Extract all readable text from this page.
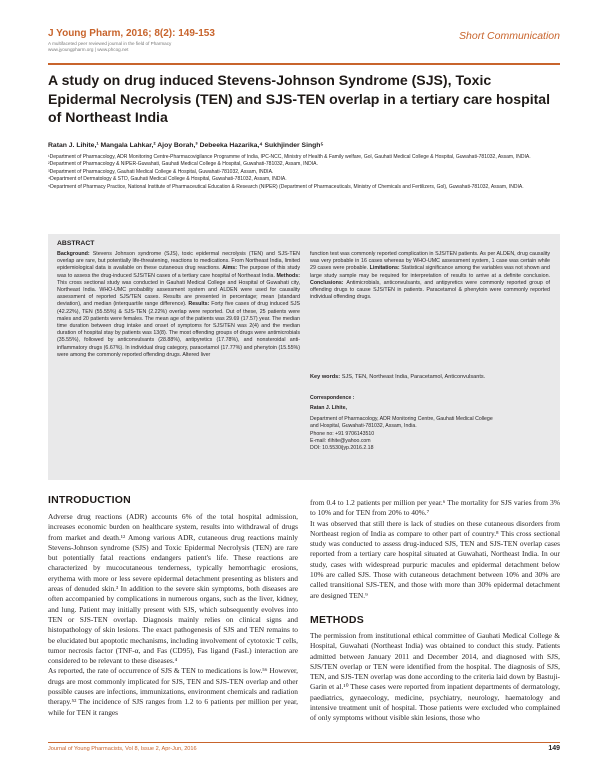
J Young Pharm, 2016; 8(2): 149-153
A multifaceted peer reviewed journal in the field of Pharmacy
www.jyoungpharm.org | www.phcog.net
Short Communication
A study on drug induced Stevens-Johnson Syndrome (SJS), Toxic Epidermal Necrolysis (TEN) and SJS-TEN overlap in a tertiary care hospital of Northeast India
Ratan J. Lihite,¹ Mangala Lahkar,² Ajoy Borah,³ Debeeka Hazarika,⁴ Sukhjinder Singh⁵
¹Department of Pharmacology, ADR Monitoring Centre-Pharmacovigilance Programme of India, IPC-NCC, Ministry of Health & Family welfare, Gol, Gauhati Medical College & Hospital, Guwahati-781032, Assam, INDIA.
²Department of Pharmacology & NIPER-Guwahati, Gauhati Medical College & Hospital, Guwahati-781032, Assam, INDIA.
³Department of Pharmacology, Gauhati Medical College & Hospital, Guwahati-781032, Assam, INDIA.
⁴Department of Dermatology & STD, Gauhati Medical College & Hospital, Guwahati-781032, Assam, INDIA.
⁵Department of Pharmacy Practice, National Institute of Pharmaceutical Education & Research (NIPER) (Department of Pharmaceuticals, Ministry of Chemicals and Fertilizers, Gol), Guwahati-781032, Assam, INDIA.
ABSTRACT
Background: Stevens Johnson syndrome (SJS), toxic epidermal necrolysis (TEN) and SJS-TEN overlap are rare, but potentially life-threatening, reactions to medications. From Northeast India, limited epidemiological data is available on these cutaneous drug reactions. Aims: The purpose of this study was to assess the drug-induced SJS/TEN cases of a tertiary care hospital of Northeast India. Methods: This cross sectional study was conducted in Gauhati Medical College and Hospital of Guwahati city, Northeast India. WHO-UMC probability assessment system and ALDEN were used for causality assessment of reported SJS/TEN cases. Results are presented in percentage; mean (standard deviation), and median (interquartile range difference). Results: Forty five cases of drug induced SJS (42.22%), TEN (55.55%) & SJS-TEN (2.22%) overlap were reported. Out of these, 25 patients were males and 20 patients were females. The mean age of the patients was 29.69 (17.57) year. The median time duration between drug intake and onset of symptoms for SJS/TEN was 2(4) and the median duration of hospital stay by patients was 13(8). The most offending groups of drugs were antimicrobials (35.55%), followed by anticonvulsants (28.88%), antipyretics (17.78%), and nonsteroidal anti-inflammatory drugs (6.67%). In individual drug category, paracetamol (17.77%) and phenytoin (15.55%) were among the commonly reported offending drugs. Altered liver
function test was commonly reported complication in SJS/TEN patients. As per ALDEN, drug causality was very probable in 16 cases whereas by WHO-UMC assessment system, 1 case was certain while 29 cases were probable. Limitations: Statistical significance among the variables was not shown and large study sample may be required for interpretation of results to arrive at a definite conclusion. Conclusions: Antimicrobials, anticonvulsants, and antipyretics were commonly reported group of offending drugs to cause SJS/TEN in patients. Paracetamol & phenytoin were commonly reported individual offending drugs.
Key words: SJS, TEN, Northeast India, Paracetamol, Anticonvulsants.
Correspondence :
Ratan J. Lihite,
Department of Pharmacology, ADR Monitoring Centre, Gauhati Medical College
and Hospital, Guwahati-781032, Assam, India.
Phone no: +91 9706143510
E-mail: rlihite@yahoo.com
DOI: 10.5530/jyp.2016.2.18
INTRODUCTION

Adverse drug reactions (ADR) accounts 6% of the total hospital admission, increases economic burden on healthcare system, results into withdrawal of drugs from market and death.¹² Among various ADR, cutaneous drug reactions mainly Stevens-Johnson syndrome (SJS) and Toxic Epidermal Necrolysis (TEN) are rare but potentially fatal reactions endangers patient's life. These reactions are characterized by mucocutaneous tenderness, typically hemorrhagic erosions, erythema with more or less severe epidermal detachment presenting as blisters and areas of denuded skin.³ In addition to the severe skin symptoms, both diseases are often accompanied by complications in numerous organs, such as the liver, kidney, and lung. Patient may initially present with SJS, which subsequently evolves into TEN or SJS-TEN overlap. Diagnosis mainly relies on clinical signs and histopathology of skin lesions. The exact pathogenesis of SJS and TEN remains to be elucidated but apoptotic mechanisms, including involvement of cytotoxic T cells, tumor necrosis factor (TNF-α, and Fas (CD95), Fas ligand (FasL) interaction are considered to be relevant to these diseases.⁴

As reported, the rate of occurrence of SJS & TEN to medications is low.⁵⁶ However, drugs are most commonly implicated for SJS, TEN and SJS-TEN overlap and other possible causes are infections, immunizations, environment chemicals and radiation therapy.⁵² The incidence of SJS ranges from 1.2 to 6 patients per million per year, while for TEN it ranges

from 0.4 to 1.2 patients per million per year.⁶ The mortality for SJS varies from 3% to 10% and for TEN from 20% to 40%.⁷

It was observed that still there is lack of studies on these cutaneous disorders from Northeast region of India as compare to other part of country.⁸ This cross sectional study was conducted to assess drug-induced SJS, TEN and SJS-TEN overlap cases reported from a tertiary care hospital situated at Guwahati, Northeast India. In our study, cases with widespread purpuric macules and epidermal detachment below 10% are called SJS. Those with cutaneous detachment between 10% and 30% are called transitional SJS-TEN, and those with more than 30% epidermal detachment are designed TEN.⁹

METHODS

The permission from institutional ethical committee of Gauhati Medical College & Hospital, Guwahati (Northeast India) was obtained to conduct this study. Patients admitted between January 2011 and December 2014, and diagnosed with SJS, SJS/TEN overlap or TEN were identified from the hospital. The diagnosis of SJS, TEN, and SJS-TEN overlap was done according to the criteria laid down by Bastuji-Garin et al.¹⁰ These cases were reported from inpatient departments of dermatology, paediatrics, gynaecology, medicine, psychiatry, neurology, haematology and intensive treatment unit of hospital. Those patients were excluded who complained of only symptoms without visible skin lesions, those who

Journal of Young Pharmacists, Vol 8, Issue 2, Apr-Jun, 2016	149
